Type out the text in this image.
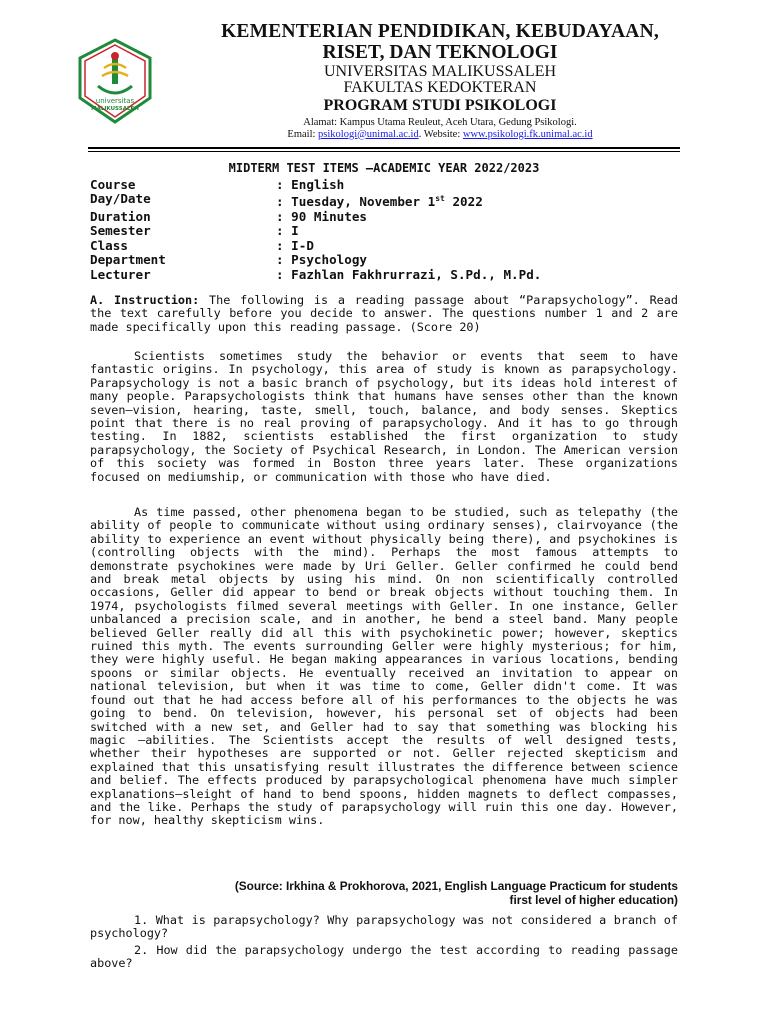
universitas
MALIKUSSALEH
KEMENTERIAN PENDIDIKAN, KEBUDAYAAN,
RISET, DAN TEKNOLOGI
UNIVERSITAS MALIKUSSALEH
FAKULTAS KEDOKTERAN
PROGRAM STUDI PSIKOLOGI
Alamat: Kampus Utama Reuleut, Aceh Utara, Gedung Psikologi.
Email: psikologi@unimal.ac.id. Website: www.psikologi.fk.unimal.ac.id
MIDTERM TEST ITEMS –ACADEMIC YEAR 2022/2023
Course	: English
Day/Date	: Tuesday, November 1st 2022
Duration	: 90 Minutes
Semester	: I
Class	: I-D
Department	: Psychology
Lecturer	: Fazhlan Fakhrurrazi, S.Pd., M.Pd.
A. Instruction: The following is a reading passage about “Parapsychology”. Read the text carefully before you decide to answer. The questions number 1 and 2 are made specifically upon this reading passage. (Score 20)
Scientists sometimes study the behavior or events that seem to have fantastic origins. In psychology, this area of study is known as parapsychology. Parapsychology is not a basic branch of psychology, but its ideas hold interest of many people. Parapsychologists think that humans have senses other than the known seven—vision, hearing, taste, smell, touch, balance, and body senses. Skeptics point that there is no real proving of parapsychology. And it has to go through testing. In 1882, scientists established the first organization to study parapsychology, the Society of Psychical Research, in London. The American version of this society was formed in Boston three years later. These organizations focused on mediumship, or communication with those who have died.
As time passed, other phenomena began to be studied, such as telepathy (the ability of people to communicate without using ordinary senses), clairvoyance (the ability to experience an event without physically being there), and psychokines is (controlling objects with the mind). Perhaps the most famous attempts to demonstrate psychokines were made by Uri Geller. Geller confirmed he could bend and break metal objects by using his mind. On non scientifically controlled occasions, Geller did appear to bend or break objects without touching them. In 1974, psychologists filmed several meetings with Geller. In one instance, Geller unbalanced a precision scale, and in another, he bend a steel band. Many people believed Geller really did all this with psychokinetic power; however, skeptics ruined this myth. The events surrounding Geller were highly mysterious; for him, they were highly useful. He began making appearances in various locations, bending spoons or similar objects. He eventually received an invitation to appear on national television, but when it was time to come, Geller didn't come. It was found out that he had access before all of his performances to the objects he was going to bend. On television, however, his personal set of objects had been switched with a new set, and Geller had to say that something was blocking his magic —abilities. The Scientists accept the results of well designed tests, whether their hypotheses are supported or not. Geller rejected skepticism and explained that this unsatisfying result illustrates the difference between science and belief. The effects produced by parapsychological phenomena have much simpler explanations—sleight of hand to bend spoons, hidden magnets to deflect compasses, and the like. Perhaps the study of parapsychology will ruin this one day. However, for now, healthy skepticism wins.
(Source: Irkhina & Prokhorova, 2021, English Language Practicum for students
first level of higher education)
1. What is parapsychology? Why parapsychology was not considered a branch of psychology?
2. How did the parapsychology undergo the test according to reading passage above?
